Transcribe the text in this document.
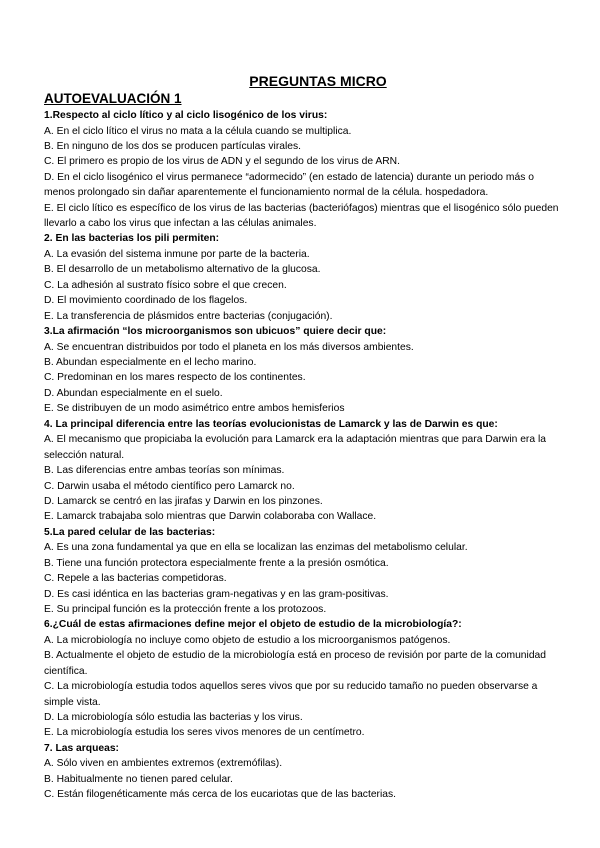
PREGUNTAS MICRO
AUTOEVALUACIÓN 1

1.Respecto al ciclo lítico y al ciclo lisogénico de los virus:

A. En el ciclo lítico el virus no mata a la célula cuando se multiplica.
B. En ninguno de los dos se producen partículas virales.
C. El primero es propio de los virus de ADN y el segundo de los virus de ARN.
D. En el ciclo lisogénico el virus permanece “adormecido” (en estado de latencia) durante un periodo más o menos prolongado sin dañar aparentemente el funcionamiento normal de la célula. hospedadora.
E. El ciclo lítico es específico de los virus de las bacterias (bacteriófagos) mientras que el lisogénico sólo pueden llevarlo a cabo los virus que infectan a las células animales.

2. En las bacterias los pili permiten:

A. La evasión del sistema inmune por parte de la bacteria.
B. El desarrollo de un metabolismo alternativo de la glucosa.
C. La adhesión al sustrato físico sobre el que crecen.
D. El movimiento coordinado de los flagelos.
E. La transferencia de plásmidos entre bacterias (conjugación).

3.La afirmación “los microorganismos son ubicuos” quiere decir que:

A. Se encuentran distribuidos por todo el planeta en los más diversos ambientes.
B. Abundan especialmente en el lecho marino.
C. Predominan en los mares respecto de los continentes.
D. Abundan especialmente en el suelo.
E. Se distribuyen de un modo asimétrico entre ambos hemisferios

4. La principal diferencia entre las teorías evolucionistas de Lamarck y las de Darwin es que:

A. El mecanismo que propiciaba la evolución para Lamarck era la adaptación mientras que para Darwin era la selección natural.
B. Las diferencias entre ambas teorías son mínimas.
C. Darwin usaba el método científico pero Lamarck no.
D. Lamarck se centró en las jirafas y Darwin en los pinzones.
E. Lamarck trabajaba solo mientras que Darwin colaboraba con Wallace.

5.La pared celular de las bacterias:

A. Es una zona fundamental ya que en ella se localizan las enzimas del metabolismo celular.
B. Tiene una función protectora especialmente frente a la presión osmótica.
C. Repele a las bacterias competidoras.
D. Es casi idéntica en las bacterias gram-negativas y en las gram-positivas.
E. Su principal función es la protección frente a los protozoos.

6.¿Cuál de estas afirmaciones define mejor el objeto de estudio de la microbiología?:

A. La microbiología no incluye como objeto de estudio a los microorganismos patógenos.
B. Actualmente el objeto de estudio de la microbiología está en proceso de revisión por parte de la comunidad científica.
C. La microbiología estudia todos aquellos seres vivos que por su reducido tamaño no pueden observarse a simple vista.
D. La microbiología sólo estudia las bacterias y los virus.
E. La microbiología estudia los seres vivos menores de un centímetro.

7. Las arqueas:

A. Sólo viven en ambientes extremos (extremófilas).
B. Habitualmente no tienen pared celular.
C. Están filogenéticamente más cerca de los eucariotas que de las bacterias.
